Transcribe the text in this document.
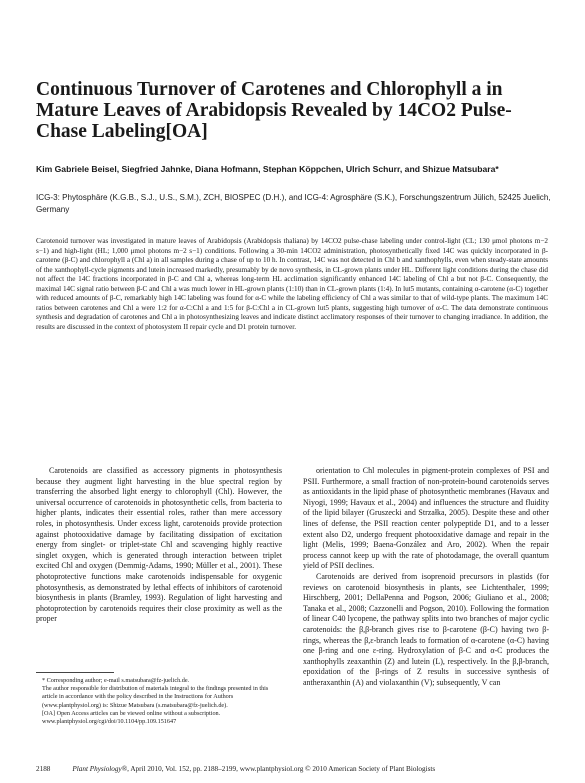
Continuous Turnover of Carotenes and Chlorophyll a in Mature Leaves of Arabidopsis Revealed by 14CO2 Pulse-Chase Labeling[OA]

Kim Gabriele Beisel, Siegfried Jahnke, Diana Hofmann, Stephan Köppchen, Ulrich Schurr, and Shizue Matsubara*

ICG-3: Phytosphäre (K.G.B., S.J., U.S., S.M.), ZCH, BIOSPEC (D.H.), and ICG-4: Agrosphäre (S.K.), Forschungszentrum Jülich, 52425 Juelich, Germany

Carotenoid turnover was investigated in mature leaves of Arabidopsis (Arabidopsis thaliana) by 14CO2 pulse-chase labeling under control-light (CL; 130 μmol photons m−2 s−1) and high-light (HL; 1,000 μmol photons m−2 s−1) conditions. Following a 30-min 14CO2 administration, photosynthetically fixed 14C was quickly incorporated in β-carotene (β-C) and chlorophyll a (Chl a) in all samples during a chase of up to 10 h. In contrast, 14C was not detected in Chl b and xanthophylls, even when steady-state amounts of the xanthophyll-cycle pigments and lutein increased markedly, presumably by de novo synthesis, in CL-grown plants under HL. Different light conditions during the chase did not affect the 14C fractions incorporated in β-C and Chl a, whereas long-term HL acclimation significantly enhanced 14C labeling of Chl a but not β-C. Consequently, the maximal 14C signal ratio between β-C and Chl a was much lower in HL-grown plants (1:10) than in CL-grown plants (1:4). In lut5 mutants, containing α-carotene (α-C) together with reduced amounts of β-C, remarkably high 14C labeling was found for α-C while the labeling efficiency of Chl a was similar to that of wild-type plants. The maximum 14C ratios between carotenes and Chl a were 1:2 for α-C:Chl a and 1:5 for β-C:Chl a in CL-grown lut5 plants, suggesting high turnover of α-C. The data demonstrate continuous synthesis and degradation of carotenes and Chl a in photosynthesizing leaves and indicate distinct acclimatory responses of their turnover to changing irradiance. In addition, the results are discussed in the context of photosystem II repair cycle and D1 protein turnover.

Carotenoids are classified as accessory pigments in photosynthesis because they augment light harvesting in the blue spectral region by transferring the absorbed light energy to chlorophyll (Chl). However, the universal occurrence of carotenoids in photosynthetic cells, from bacteria to higher plants, indicates their essential roles, rather than mere accessory roles, in photosynthesis. Under excess light, carotenoids provide protection against photooxidative damage by facilitating dissipation of excitation energy from singlet- or triplet-state Chl and scavenging highly reactive singlet oxygen, which is generated through interaction between triplet excited Chl and oxygen (Demmig-Adams, 1990; Müller et al., 2001). These photoprotective functions make carotenoids indispensable for oxygenic photosynthesis, as demonstrated by lethal effects of inhibitors of carotenoid biosynthesis in plants (Bramley, 1993). Regulation of light harvesting and photoprotection by carotenoids requires their close proximity as well as the proper

orientation to Chl molecules in pigment-protein complexes of PSI and PSII. Furthermore, a small fraction of non-protein-bound carotenoids serves as antioxidants in the lipid phase of photosynthetic membranes (Havaux and Niyogi, 1999; Havaux et al., 2004) and influences the structure and fluidity of the lipid bilayer (Gruszecki and Strzałka, 2005). Despite these and other lines of defense, the PSII reaction center polypeptide D1, and to a lesser extent also D2, undergo frequent photooxidative damage and repair in the light (Melis, 1999; Baena-González and Aro, 2002). When the repair process cannot keep up with the rate of photodamage, the overall quantum yield of PSII declines.

Carotenoids are derived from isoprenoid precursors in plastids (for reviews on carotenoid biosynthesis in plants, see Lichtenthaler, 1999; Hirschberg, 2001; DellaPenna and Pogson, 2006; Giuliano et al., 2008; Tanaka et al., 2008; Cazzonelli and Pogson, 2010). Following the formation of linear C40 lycopene, the pathway splits into two branches of major cyclic carotenoids: the β,β-branch gives rise to β-carotene (β-C) having two β-rings, whereas the β,ε-branch leads to formation of α-carotene (α-C) having one β-ring and one ε-ring. Hydroxylation of β-C and α-C produces the xanthophylls zeaxanthin (Z) and lutein (L), respectively. In the β,β-branch, epoxidation of the β-rings of Z results in successive synthesis of antheraxanthin (A) and violaxanthin (V); subsequently, V can

* Corresponding author; e-mail s.matsubara@fz-juelich.de.
The author responsible for distribution of materials integral to the findings presented in this article in accordance with the policy described in the Instructions for Authors (www.plantphysiol.org) is: Shizue Matsubara (s.matsubara@fz-juelich.de).
[OA] Open Access articles can be viewed online without a subscription.
www.plantphysiol.org/cgi/doi/10.1104/pp.109.151647
2188	Plant Physiology®, April 2010, Vol. 152, pp. 2188–2199, www.plantphysiol.org © 2010 American Society of Plant Biologists
